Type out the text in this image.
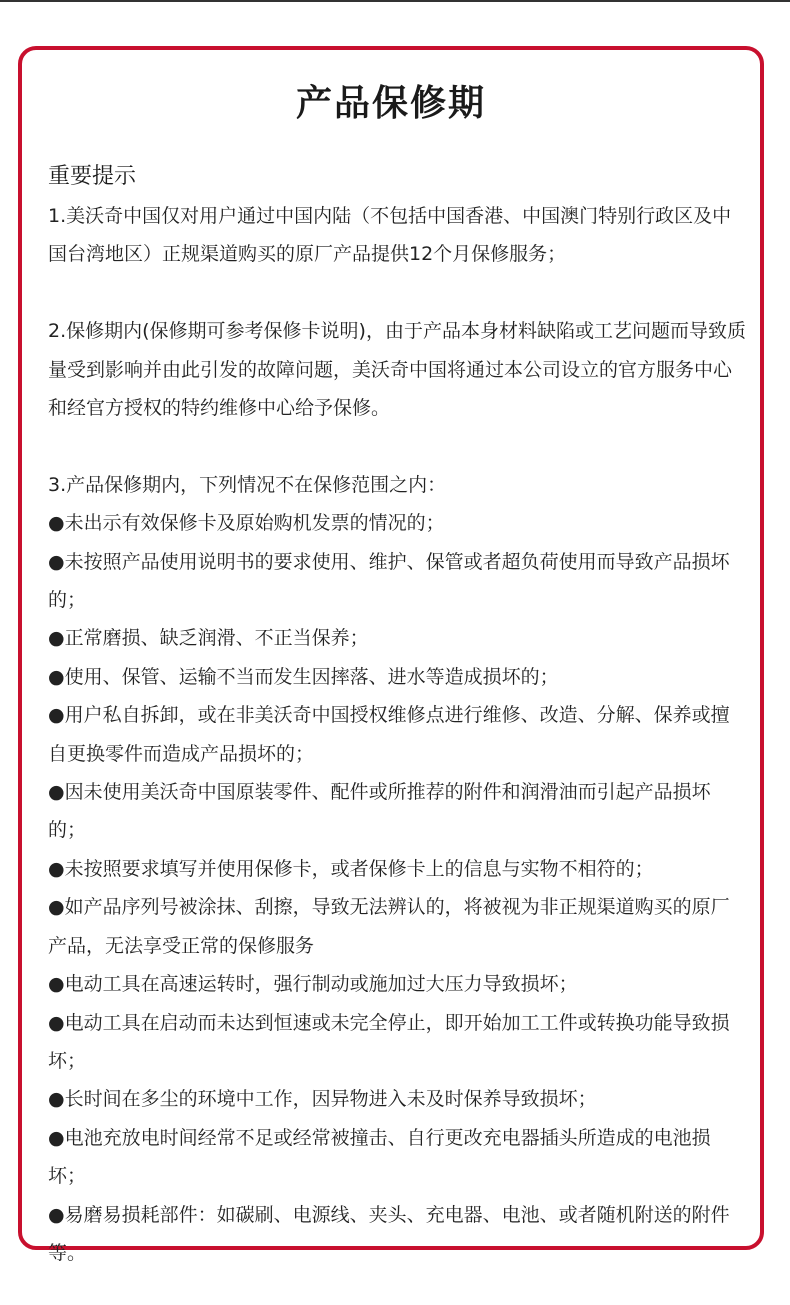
产品保修期
重要提示

1.美沃奇中国仅对用户通过中国内陆（不包括中国香港、中国澳门特别行政区及中国台湾地区）正规渠道购买的原厂产品提供12个月保修服务；

2.保修期内(保修期可参考保修卡说明)，由于产品本身材料缺陷或工艺问题而导致质量受到影响并由此引发的故障问题，美沃奇中国将通过本公司设立的官方服务中心和经官方授权的特约维修中心给予保修。

3.产品保修期内，下列情况不在保修范围之内：

●未出示有效保修卡及原始购机发票的情况的；

●未按照产品使用说明书的要求使用、维护、保管或者超负荷使用而导致产品损坏的；

●正常磨损、缺乏润滑、不正当保养；

●使用、保管、运输不当而发生因摔落、进水等造成损坏的；

●用户私自拆卸，或在非美沃奇中国授权维修点进行维修、改造、分解、保养或擅自更换零件而造成产品损坏的；

●因未使用美沃奇中国原装零件、配件或所推荐的附件和润滑油而引起产品损坏的；

●未按照要求填写并使用保修卡，或者保修卡上的信息与实物不相符的；

●如产品序列号被涂抹、刮擦，导致无法辨认的，将被视为非正规渠道购买的原厂产品，无法享受正常的保修服务

●电动工具在高速运转时，强行制动或施加过大压力导致损坏；

●电动工具在启动而未达到恒速或未完全停止，即开始加工工件或转换功能导致损坏；

●长时间在多尘的环境中工作，因异物进入未及时保养导致损坏；

●电池充放电时间经常不足或经常被撞击、自行更改充电器插头所造成的电池损坏；

●易磨易损耗部件：如碳刷、电源线、夹头、充电器、电池、或者随机附送的附件等。
